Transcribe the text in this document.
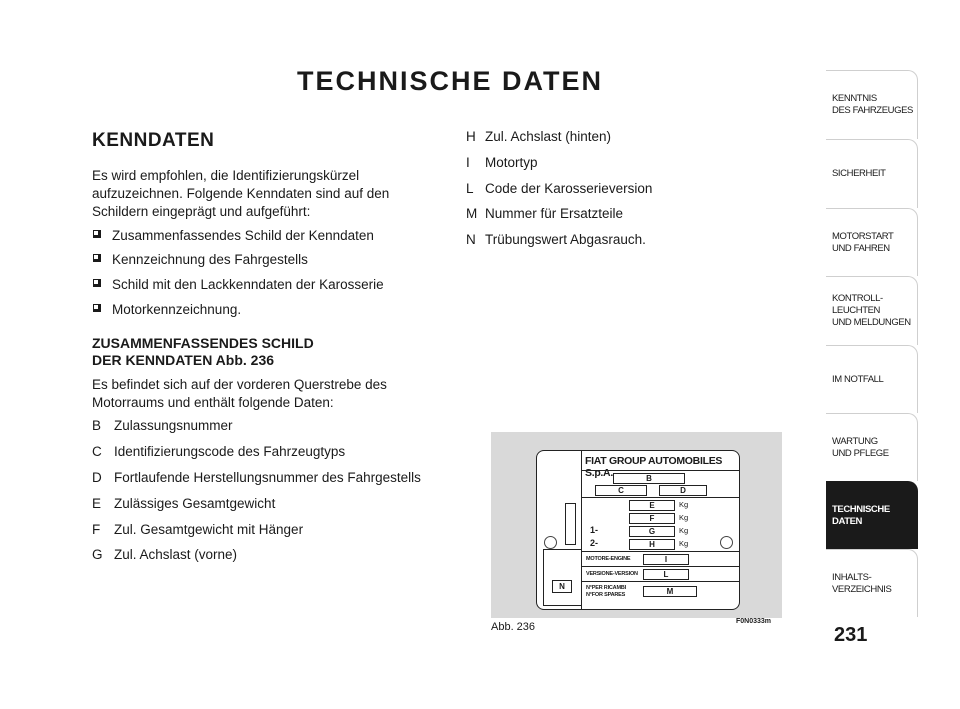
TECHNISCHE DATEN
KENNDATEN

Es wird empfohlen, die Identifizierungskürzel aufzuzeichnen. Folgende Kenndaten sind auf den Schildern eingeprägt und aufgeführt:

Zusammenfassendes Schild der Kenndaten
Kennzeichnung des Fahrgestells
Schild mit den Lackkenndaten der Karosserie
Motorkennzeichnung.
ZUSAMMENFASSENDES SCHILD
DER KENNDATEN Abb. 236

Es befindet sich auf der vorderen Querstrebe des Motorraums und enthält folgende Daten:

B Zulassungsnummer
C Identifizierungscode des Fahrzeugtyps
D Fortlaufende Herstellungsnummer des Fahrgestells
E Zulässiges Gesamtgewicht
F	Zul. Gesamtgewicht mit Hänger
G Zul. Achslast (vorne)
H Zul. Achslast (hinten)
I	Motortyp
L Code der Karosserieversion
M Nummer für Ersatzteile
N Trübungswert Abgasrauch.
N
FIAT GROUP AUTOMOBILES S.p.A.	B
C	D
E	Kg
F	Kg
1-	G	Kg
2-	H	Kg
MOTORE-ENGINE	I
VERSIONE-VERSION	L
N°PER RICAMBI
N°FOR SPARES	M
Abb. 236	F0N0333m
KENNTNIS
DES FAHRZEUGES
SICHERHEIT
MOTORSTART
UND FAHREN
KONTROLL-
LEUCHTEN
UND MELDUNGEN
IM NOTFALL
WARTUNG
UND PFLEGE
TECHNISCHE
DATEN
INHALTS-
VERZEICHNIS
231
